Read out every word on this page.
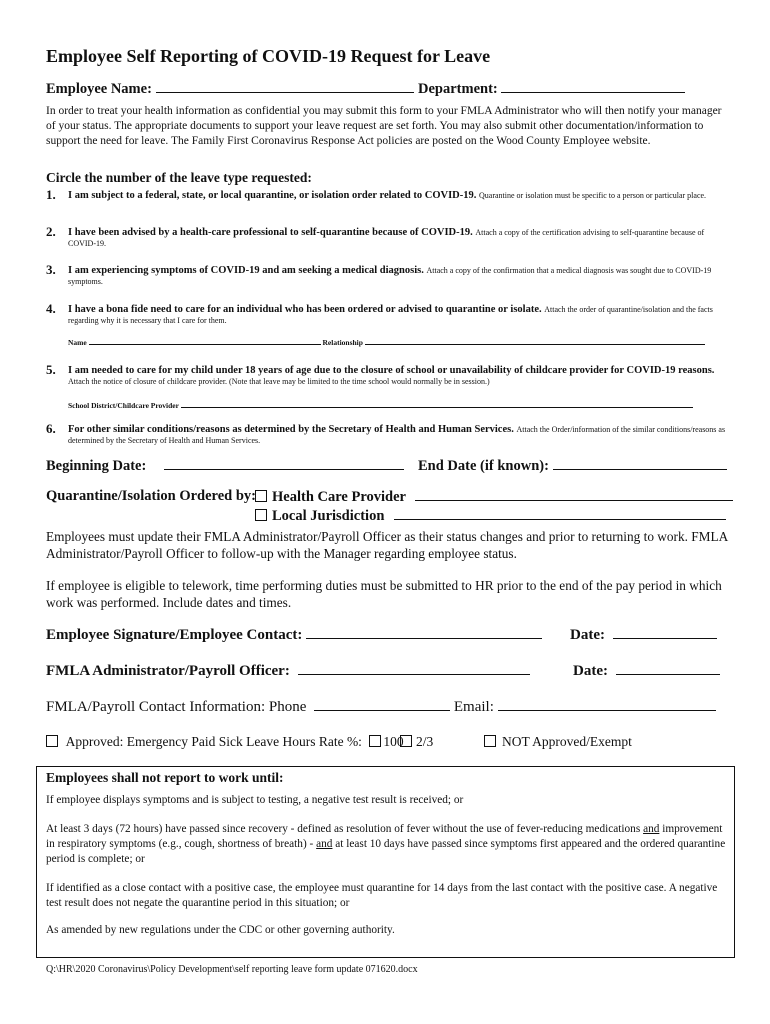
Employee Self Reporting of COVID-19 Request for Leave
Employee Name:	Department:
In order to treat your health information as confidential you may submit this form to your FMLA Administrator who will then notify your manager of your status. The appropriate documents to support your leave request are set forth. You may also submit other documentation/information to support the need for leave. The Family First Coronavirus Response Act policies are posted on the Wood County Employee website.
Circle the number of the leave type requested:
1. I am subject to a federal, state, or local quarantine, or isolation order related to COVID-19. Quarantine or isolation must be specific to a person or particular place.
2. I have been advised by a health-care professional to self-quarantine because of COVID-19. Attach a copy of the certification advising to self-quarantine because of COVID-19.
3. I am experiencing symptoms of COVID-19 and am seeking a medical diagnosis. Attach a copy of the confirmation that a medical diagnosis was sought due to COVID-19 symptoms.
4. I have a bona fide need to care for an individual who has been ordered or advised to quarantine or isolate. Attach the order of quarantine/isolation and the facts regarding why it is necessary that I care for them.
Name	Relationship
5. I am needed to care for my child under 18 years of age due to the closure of school or unavailability of childcare provider for COVID-19 reasons. Attach the notice of closure of childcare provider. (Note that leave may be limited to the time school would normally be in session.)
School District/Childcare Provider
6. For other similar conditions/reasons as determined by the Secretary of Health and Human Services. Attach the Order/information of the similar conditions/reasons as determined by the Secretary of Health and Human Services.
Beginning Date:	End Date (if known):
Quarantine/Isolation Ordered by:	Health Care Provider
Local Jurisdiction
Employees must update their FMLA Administrator/Payroll Officer as their status changes and prior to returning to work. FMLA Administrator/Payroll Officer to follow-up with the Manager regarding employee status.
If employee is eligible to telework, time performing duties must be submitted to HR prior to the end of the pay period in which work was performed. Include dates and times.
Employee Signature/Employee Contact:	Date:
FMLA Administrator/Payroll Officer:	Date:
FMLA/Payroll Contact Information: Phone	Email:
Approved: Emergency Paid Sick Leave Hours Rate %: 100 2/3	NOT Approved/Exempt
Employees shall not report to work until:
If employee displays symptoms and is subject to testing, a negative test result is received; or
At least 3 days (72 hours) have passed since recovery - defined as resolution of fever without the use of fever-reducing medications and improvement in respiratory symptoms (e.g., cough, shortness of breath) - and at least 10 days have passed since symptoms first appeared and the ordered quarantine period is complete; or
If identified as a close contact with a positive case, the employee must quarantine for 14 days from the last contact with the positive case. A negative test result does not negate the quarantine period in this situation; or
As amended by new regulations under the CDC or other governing authority.
Q:\HR\2020 Coronavirus\Policy Development\self reporting leave form update 071620.docx
